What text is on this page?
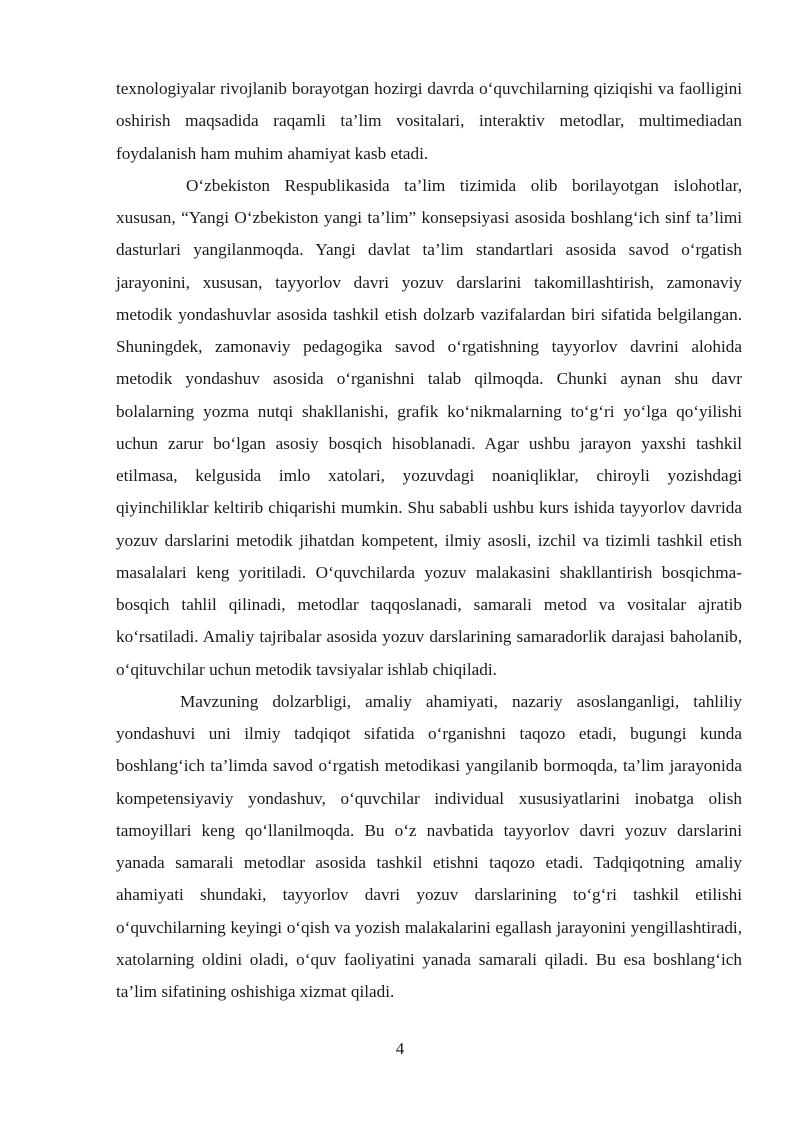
texnologiyalar rivojlanib borayotgan hozirgi davrda o‘quvchilarning qiziqishi va faolligini oshirish maqsadida raqamli ta’lim vositalari, interaktiv metodlar, multimediadan foydalanish ham muhim ahamiyat kasb etadi.

O‘zbekiston Respublikasida ta’lim tizimida olib borilayotgan islohotlar, xususan, “Yangi O‘zbekiston yangi ta’lim” konsepsiyasi asosida boshlang‘ich sinf ta’limi dasturlari yangilanmoqda. Yangi davlat ta’lim standartlari asosida savod o‘rgatish jarayonini, xususan, tayyorlov davri yozuv darslarini takomillashtirish, zamonaviy metodik yondashuvlar asosida tashkil etish dolzarb vazifalardan biri sifatida belgilangan. Shuningdek, zamonaviy pedagogika savod o‘rgatishning tayyorlov davrini alohida metodik yondashuv asosida o‘rganishni talab qilmoqda. Chunki aynan shu davr bolalarning yozma nutqi shakllanishi, grafik ko‘nikmalarning to‘g‘ri yo‘lga qo‘yilishi uchun zarur bo‘lgan asosiy bosqich hisoblanadi. Agar ushbu jarayon yaxshi tashkil etilmasa, kelgusida imlo xatolari, yozuvdagi noaniqliklar, chiroyli yozishdagi qiyinchiliklar keltirib chiqarishi mumkin. Shu sababli ushbu kurs ishida tayyorlov davrida yozuv darslarini metodik jihatdan kompetent, ilmiy asosli, izchil va tizimli tashkil etish masalalari keng yoritiladi. O‘quvchilarda yozuv malakasini shakllantirish bosqichma-bosqich tahlil qilinadi, metodlar taqqoslanadi, samarali metod va vositalar ajratib ko‘rsatiladi. Amaliy tajribalar asosida yozuv darslarining samaradorlik darajasi baholanib, o‘qituvchilar uchun metodik tavsiyalar ishlab chiqiladi.

Mavzuning dolzarbligi, amaliy ahamiyati, nazariy asoslanganligi, tahliliy yondashuvi uni ilmiy tadqiqot sifatida o‘rganishni taqozo etadi, bugungi kunda boshlang‘ich ta’limda savod o‘rgatish metodikasi yangilanib bormoqda, ta’lim jarayonida kompetensiyaviy yondashuv, o‘quvchilar individual xususiyatlarini inobatga olish tamoyillari keng qo‘llanilmoqda. Bu o‘z navbatida tayyorlov davri yozuv darslarini yanada samarali metodlar asosida tashkil etishni taqozo etadi. Tadqiqotning amaliy ahamiyati shundaki, tayyorlov davri yozuv darslarining to‘g‘ri tashkil etilishi o‘quvchilarning keyingi o‘qish va yozish malakalarini egallash jarayonini yengillashtiradi, xatolarning oldini oladi, o‘quv faoliyatini yanada samarali qiladi. Bu esa boshlang‘ich ta’lim sifatining oshishiga xizmat qiladi.

4
